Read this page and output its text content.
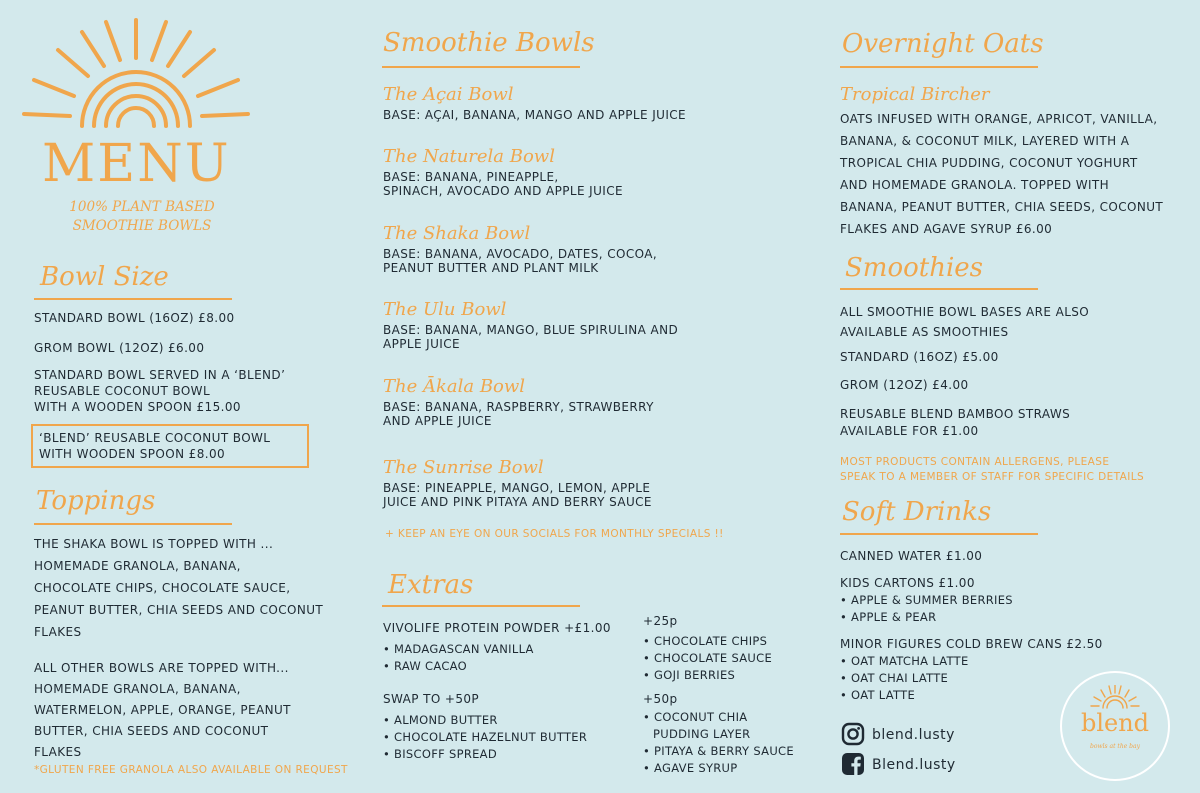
MENU
100% PLANT BASED
SMOOTHIE BOWLS
Bowl Size
STANDARD BOWL (16OZ) £8.00
GROM BOWL (12OZ) £6.00
STANDARD BOWL SERVED IN A ‘BLEND’
REUSABLE COCONUT BOWL
WITH A WOODEN SPOON £15.00
‘BLEND’ REUSABLE COCONUT BOWL
WITH WOODEN SPOON £8.00
Toppings
THE SHAKA BOWL IS TOPPED WITH ...
HOMEMADE GRANOLA, BANANA,
CHOCOLATE CHIPS, CHOCOLATE SAUCE,
PEANUT BUTTER, CHIA SEEDS AND COCONUT
FLAKES
ALL OTHER BOWLS ARE TOPPED WITH...
HOMEMADE GRANOLA, BANANA,
WATERMELON, APPLE, ORANGE, PEANUT
BUTTER, CHIA SEEDS AND COCONUT
FLAKES
*GLUTEN FREE GRANOLA ALSO AVAILABLE ON REQUEST
Smoothie Bowls
The Açai Bowl
BASE: AÇAI, BANANA, MANGO AND APPLE JUICE
The Naturela Bowl
BASE: BANANA, PINEAPPLE,
SPINACH, AVOCADO AND APPLE JUICE
The Shaka Bowl
BASE: BANANA, AVOCADO, DATES, COCOA,
PEANUT BUTTER AND PLANT MILK
The Ulu Bowl
BASE: BANANA, MANGO, BLUE SPIRULINA AND
APPLE JUICE
The Ākala Bowl
BASE: BANANA, RASPBERRY, STRAWBERRY
AND APPLE JUICE
The Sunrise Bowl
BASE: PINEAPPLE, MANGO, LEMON, APPLE
JUICE AND PINK PITAYA AND BERRY SAUCE
+ KEEP AN EYE ON OUR SOCIALS FOR MONTHLY SPECIALS !!
Extras
VIVOLIFE PROTEIN POWDER +£1.00
• MADAGASCAN VANILLA
• RAW CACAO
SWAP TO +50P
• ALMOND BUTTER
• CHOCOLATE HAZELNUT BUTTER
• BISCOFF SPREAD
+25p
• CHOCOLATE CHIPS
• CHOCOLATE SAUCE
• GOJI BERRIES
+50p
• COCONUT CHIA
PUDDING LAYER
• PITAYA & BERRY SAUCE
• AGAVE SYRUP
Overnight Oats
Tropical Bircher
OATS INFUSED WITH ORANGE, APRICOT, VANILLA,
BANANA, & COCONUT MILK, LAYERED WITH A
TROPICAL CHIA PUDDING, COCONUT YOGHURT
AND HOMEMADE GRANOLA. TOPPED WITH
BANANA, PEANUT BUTTER, CHIA SEEDS, COCONUT
FLAKES AND AGAVE SYRUP £6.00
Smoothies
ALL SMOOTHIE BOWL BASES ARE ALSO
AVAILABLE AS SMOOTHIES
STANDARD (16OZ) £5.00
GROM (12OZ) £4.00
REUSABLE BLEND BAMBOO STRAWS
AVAILABLE FOR £1.00
MOST PRODUCTS CONTAIN ALLERGENS, PLEASE
SPEAK TO A MEMBER OF STAFF FOR SPECIFIC DETAILS
Soft Drinks
CANNED WATER £1.00
KIDS CARTONS £1.00
• APPLE & SUMMER BERRIES
• APPLE & PEAR
MINOR FIGURES COLD BREW CANS £2.50
• OAT MATCHA LATTE
• OAT CHAI LATTE
• OAT LATTE
blend.lusty
Blend.lusty
blend
bowls at the bay
